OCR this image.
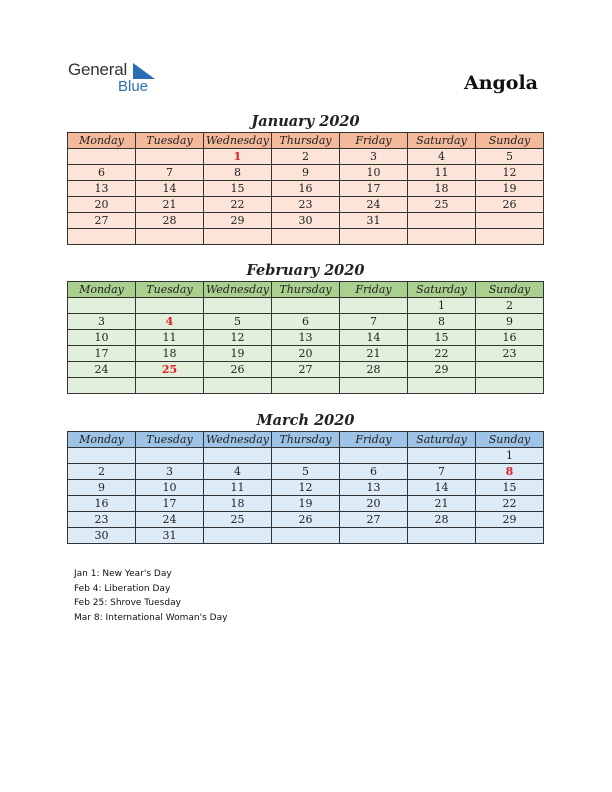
General
Blue	Angola
January 2020
Monday	Tuesday	Wednesday	Thursday	Friday	Saturday	Sunday
		1	2	3	4	5
6	7	8	9	10	11	12
13	14	15	16	17	18	19
20	21	22	23	24	25	26
27	28	29	30	31		

February 2020
Monday	Tuesday	Wednesday	Thursday	Friday	Saturday	Sunday
					1	2
3	4	5	6	7	8	9
10	11	12	13	14	15	16
17	18	19	20	21	22	23
24	25	26	27	28	29	

March 2020
Monday	Tuesday	Wednesday	Thursday	Friday	Saturday	Sunday
						1
2	3	4	5	6	7	8
9	10	11	12	13	14	15
16	17	18	19	20	21	22
23	24	25	26	27	28	29
30	31					
Jan 1: New Year's Day
Feb 4: Liberation Day
Feb 25: Shrove Tuesday
Mar 8: International Woman's Day
